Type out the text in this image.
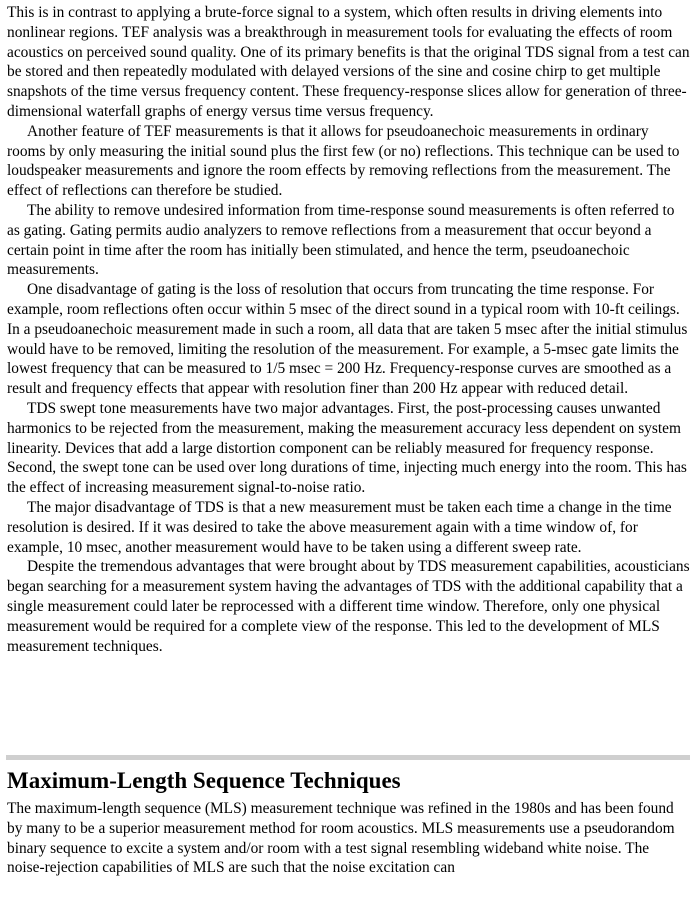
This is in contrast to applying a brute-force signal to a system, which often results in driving elements into nonlinear regions. TEF analysis was a breakthrough in measurement tools for evaluating the effects of room acoustics on perceived sound quality. One of its primary benefits is that the original TDS signal from a test can be stored and then repeatedly modulated with delayed versions of the sine and cosine chirp to get multiple snapshots of the time versus frequency content. These frequency-response slices allow for generation of three-dimensional waterfall graphs of energy versus time versus frequency.

Another feature of TEF measurements is that it allows for pseudoanechoic measurements in ordinary rooms by only measuring the initial sound plus the first few (or no) reflections. This technique can be used to loudspeaker measurements and ignore the room effects by removing reflections from the measurement. The effect of reflections can therefore be studied.

The ability to remove undesired information from time-response sound measurements is often referred to as gating. Gating permits audio analyzers to remove reflections from a measurement that occur beyond a certain point in time after the room has initially been stimulated, and hence the term, pseudoanechoic measurements.

One disadvantage of gating is the loss of resolution that occurs from truncating the time response. For example, room reflections often occur within 5 msec of the direct sound in a typical room with 10-ft ceilings. In a pseudoanechoic measurement made in such a room, all data that are taken 5 msec after the initial stimulus would have to be removed, limiting the resolution of the measurement. For example, a 5-msec gate limits the lowest frequency that can be measured to 1/5 msec = 200 Hz. Frequency-response curves are smoothed as a result and frequency effects that appear with resolution finer than 200 Hz appear with reduced detail.

TDS swept tone measurements have two major advantages. First, the post-processing causes unwanted harmonics to be rejected from the measurement, making the measurement accuracy less dependent on system linearity. Devices that add a large distortion component can be reliably measured for frequency response. Second, the swept tone can be used over long durations of time, injecting much energy into the room. This has the effect of increasing measurement signal-to-noise ratio.

The major disadvantage of TDS is that a new measurement must be taken each time a change in the time resolution is desired. If it was desired to take the above measurement again with a time window of, for example, 10 msec, another measurement would have to be taken using a different sweep rate.

Despite the tremendous advantages that were brought about by TDS measurement capabilities, acousticians began searching for a measurement system having the advantages of TDS with the additional capability that a single measurement could later be reprocessed with a different time window. Therefore, only one physical measurement would be required for a complete view of the response. This led to the development of MLS measurement techniques.

Maximum-Length Sequence Techniques

The maximum-length sequence (MLS) measurement technique was refined in the 1980s and has been found by many to be a superior measurement method for room acoustics. MLS measurements use a pseudorandom binary sequence to excite a system and/or room with a test signal resembling wideband white noise. The noise-rejection capabilities of MLS are such that the noise excitation can
